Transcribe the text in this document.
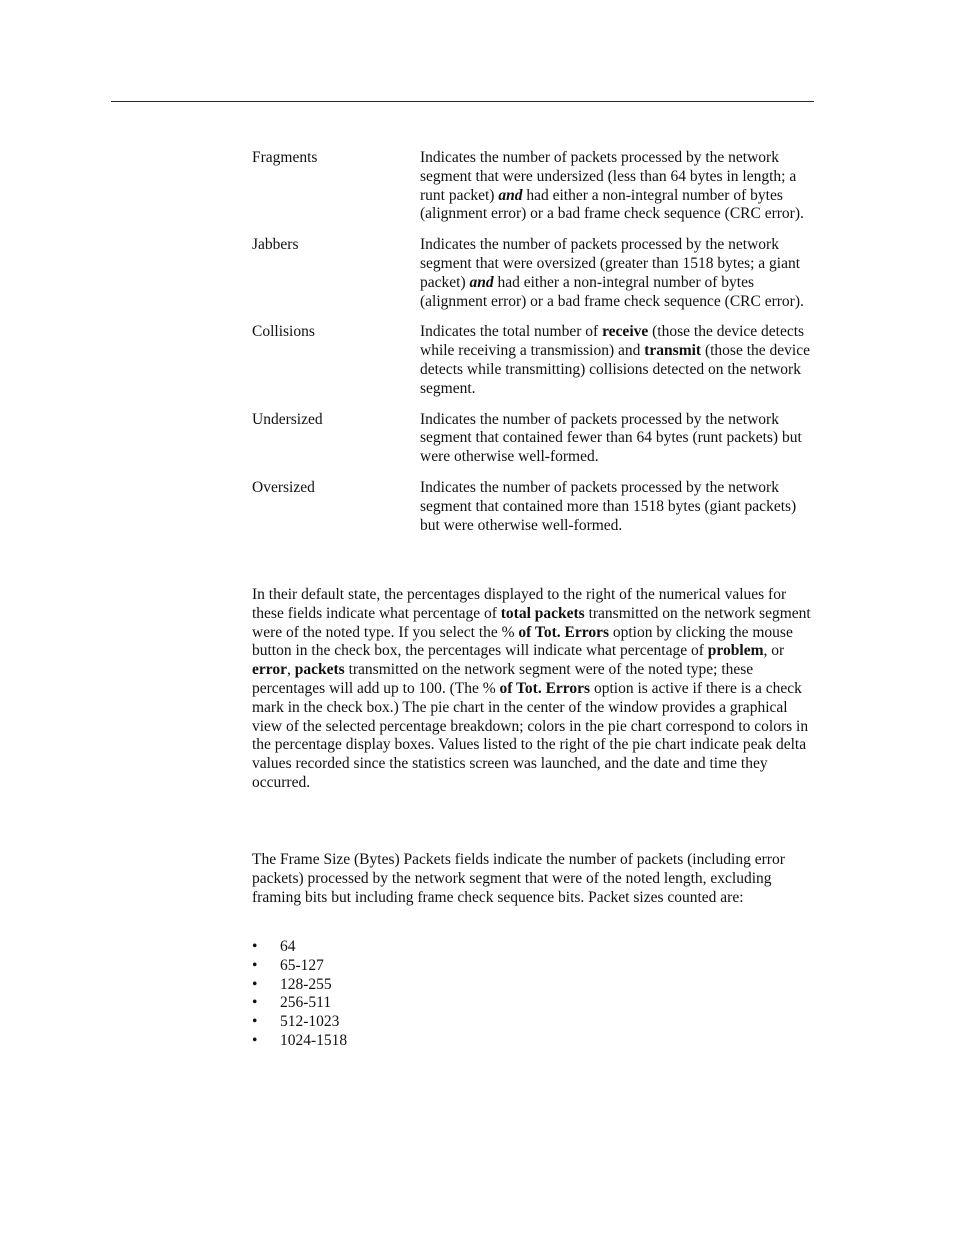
Fragments	Indicates the number of packets processed by the network segment that were undersized (less than 64 bytes in length; a runt packet) and had either a non-integral number of bytes (alignment error) or a bad frame check sequence (CRC error).
Jabbers	Indicates the number of packets processed by the network segment that were oversized (greater than 1518 bytes; a giant packet) and had either a non-integral number of bytes (alignment error) or a bad frame check sequence (CRC error).
Collisions	Indicates the total number of receive (those the device detects while receiving a transmission) and transmit (those the device detects while transmitting) collisions detected on the network segment.
Undersized	Indicates the number of packets processed by the network segment that contained fewer than 64 bytes (runt packets) but were otherwise well-formed.
Oversized	Indicates the number of packets processed by the network segment that contained more than 1518 bytes (giant packets) but were otherwise well-formed.

In their default state, the percentages displayed to the right of the numerical values for these fields indicate what percentage of total packets transmitted on the network segment were of the noted type. If you select the % of Tot. Errors option by clicking the mouse button in the check box, the percentages will indicate what percentage of problem, or error, packets transmitted on the network segment were of the noted type; these percentages will add up to 100. (The % of Tot. Errors option is active if there is a check mark in the check box.) The pie chart in the center of the window provides a graphical view of the selected percentage breakdown; colors in the pie chart correspond to colors in the percentage display boxes. Values listed to the right of the pie chart indicate peak delta values recorded since the statistics screen was launched, and the date and time they occurred.

The Frame Size (Bytes) Packets fields indicate the number of packets (including error packets) processed by the network segment that were of the noted length, excluding framing bits but including frame check sequence bits. Packet sizes counted are:

•	64
•	65-127
•	128-255
•	256-511
•	512-1023
•	1024-1518
